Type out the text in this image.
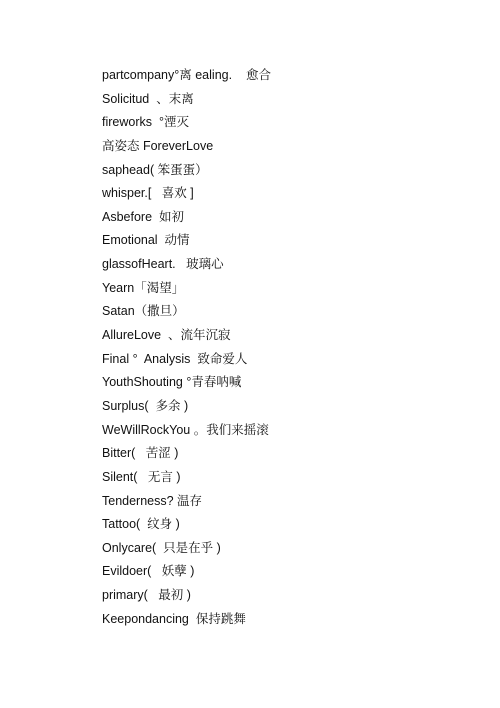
partcompany°离 ealing.    愈合
Solicitud  、末离
fireworks  °湮灭
高姿态 ForeverLove
saphead( 笨蛋蛋）
whisper.[   喜欢 ]
Asbefore  如初
Emotional  动情
glassofHeart.   玻璃心
Yearn「渴望」
Satan（撒旦）
AllureLove  、流年沉寂
Final °  Analysis  致命爱人
YouthShouting °青春呐喊
Surplus(  多余 )
WeWillRockYou 。我们来摇滚
Bitter(   苦涩 )
Silent(   无言 )
Tenderness? 温存
Tattoo(  纹身 )
Onlycare(  只是在乎 )
Evildoer(   妖孽 )
primary(   最初 )
Keepondancing  保持跳舞
